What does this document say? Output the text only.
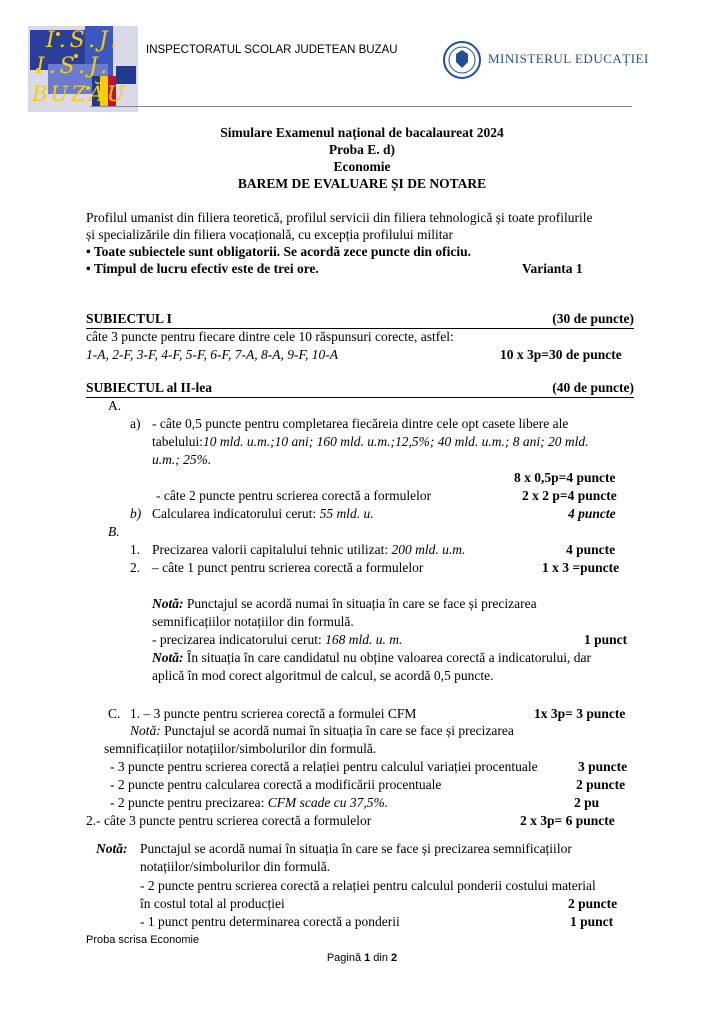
I.S.J.
I.S.J.
BUZĂU
INSPECTORATUL SCOLAR JUDETEAN BUZAU
MINISTERUL EDUCAȚIEI
Simulare Examenul național de bacalaureat 2024
Proba E. d)
Economie
BAREM DE EVALUARE ȘI DE NOTARE
Profilul umanist din filiera teoretică, profilul servicii din filiera tehnologică și toate profilurile
și specializările din filiera vocațională, cu excepția profilului militar
• Toate subiectele sunt obligatorii. Se acordă zece puncte din oficiu.
• Timpul de lucru efectiv este de trei ore.	Varianta 1
SUBIECTUL I	(30 de puncte)
câte 3 puncte pentru fiecare dintre cele 10 răspunsuri corecte, astfel:
1-A, 2-F, 3-F, 4-F, 5-F, 6-F, 7-A, 8-A, 9-F, 10-A	10 x 3p=30 de puncte
SUBIECTUL al II-lea	(40 de puncte)
A.
a) - câte 0,5 puncte pentru completarea fiecăreia dintre cele opt casete libere ale
tabelului:10 mld. u.m.;10 ani; 160 mld. u.m.;12,5%; 40 mld. u.m.; 8 ani; 20 mld.
u.m.; 25%.
8 x 0,5p=4 puncte
- câte 2 puncte pentru scrierea corectă a formulelor	2 x 2 p=4 puncte
b) Calcularea indicatorului cerut: 55 mld. u.	4 puncte
B.
1. Precizarea valorii capitalului tehnic utilizat: 200 mld. u.m.	4 puncte
2. – câte 1 punct pentru scrierea corectă a formulelor	1 x 3 =puncte
Notă: Punctajul se acordă numai în situația în care se face și precizarea
semnificațiilor notațiilor din formulă.
- precizarea indicatorului cerut: 168 mld. u. m.	1 punct
Notă: În situația în care candidatul nu obține valoarea corectă a indicatorului, dar
aplică în mod corect algoritmul de calcul, se acordă 0,5 puncte.
C. 1. – 3 puncte pentru scrierea corectă a formulei CFM	1x 3p= 3 puncte
Notă: Punctajul se acordă numai în situația în care se face și precizarea
semnificațiilor notațiilor/simbolurilor din formulă.
- 3 puncte pentru scrierea corectă a relației pentru calculul variației procentuale	3 puncte
- 2 puncte pentru calcularea corectă a modificării procentuale	2 puncte
- 2 puncte pentru precizarea: CFM scade cu 37,5%.	2 pu
2.- câte 3 puncte pentru scrierea corectă a formulelor	2 x 3p= 6 puncte
Notă: Punctajul se acordă numai în situația în care se face și precizarea semnificațiilor
notațiilor/simbolurilor din formulă.
- 2 puncte pentru scrierea corectă a relației pentru calculul ponderii costului material
în costul total al producției	2 puncte
- 1 punct pentru determinarea corectă a ponderii	1 punct
Proba scrisa Economie
Pagină 1 din 2
